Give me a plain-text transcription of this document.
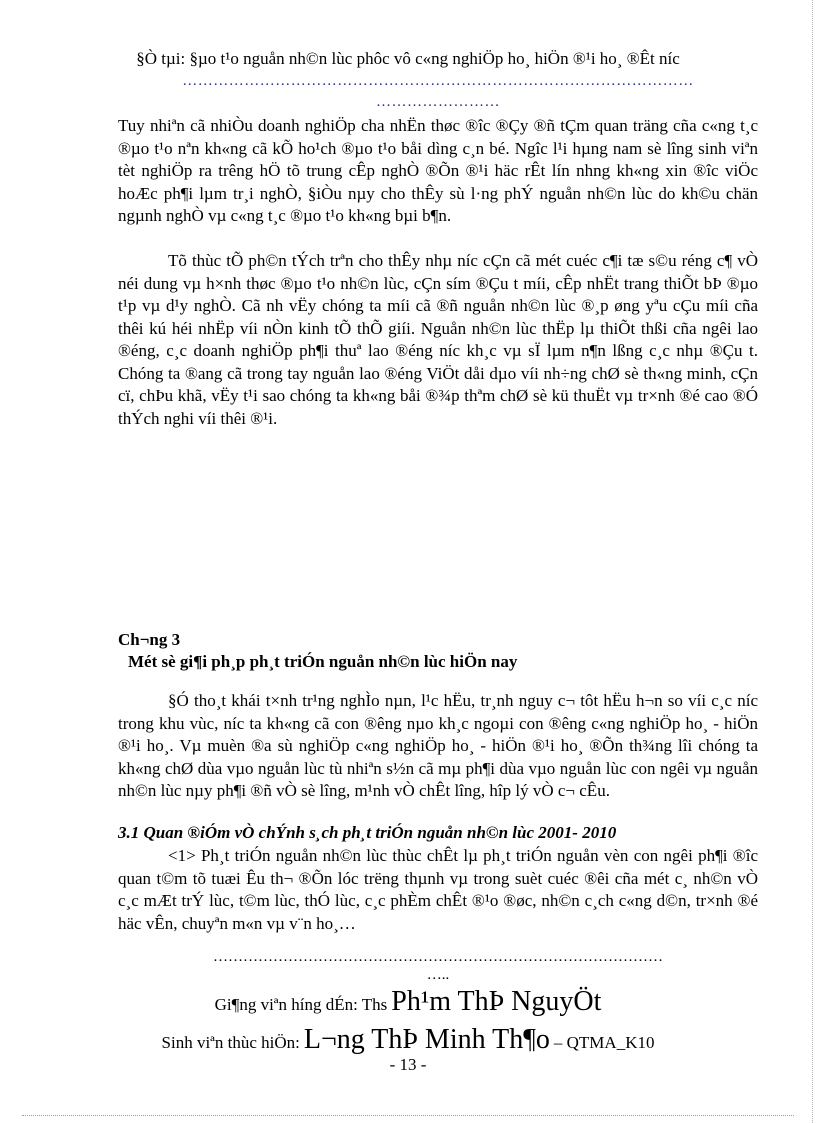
§Ò tµi: §µo t¹o nguån nh©n lùc phôc vô c«ng nghiÖp ho¸ hiÖn ®¹i ho¸ ®Êt níc
………………………………………………………………………………………
……………………
Tuy nhiªn cã nhiÒu doanh nghiÖp cha nhËn thøc ®îc ®Çy ®ñ tÇm quan träng cña c«ng t¸c ®µo t¹o nªn kh«ng cã kÕ ho¹ch ®µo t¹o båi dìng c¸n bé. Ngîc l¹i hµng nam sè lîng sinh viªn tèt nghiÖp ra trêng hÖ tõ trung cÊp nghÒ ®Õn ®¹i häc rÊt lín nhng kh«ng xin ®îc viÖc hoÆc ph¶i lµm tr¸i nghÒ, §iÒu nµy cho thÊy sù l·ng phÝ nguån nh©n lùc do kh©u chän ngµnh nghÒ vµ c«ng t¸c ®µo t¹o kh«ng bµi b¶n.
Tõ thùc tÕ ph©n tÝch trªn cho thÊy nhµ níc cÇn cã mét cuéc c¶i tæ s©u réng c¶ vÒ néi dung vµ h×nh thøc ®µo t¹o nh©n lùc, cÇn sím ®Çu t míi, cÊp nhËt trang thiÕt bÞ ®µo t¹p vµ d¹y nghÒ. Cã nh vËy chóng ta míi cã ®ñ nguån nh©n lùc ®¸p øng yªu cÇu míi cña thêi kú héi nhËp víi nÒn kinh tÕ thÕ giíi. Nguån nh©n lùc thËp lµ thiÕt thßi cña ngêi lao ®éng, c¸c doanh nghiÖp ph¶i thuª lao ®éng níc kh¸c vµ sÏ lµm n¶n lßng c¸c nhµ ®Çu t. Chóng ta ®ang cã trong tay nguån lao ®éng ViÖt dåi dµo víi nh÷ng chØ sè th«ng minh, cÇn cï, chÞu khã, vËy t¹i sao chóng ta kh«ng båi ®¾p thªm chØ sè kü thuËt vµ tr×nh ®é cao ®Ó thÝch nghi víi thêi ®¹i.
Ch¬ng 3
Mét sè gi¶i ph¸p ph¸t triÓn nguån nh©n lùc hiÖn nay
§Ó tho¸t khái t×nh tr¹ng nghÌo nµn, l¹c hËu, tr¸nh nguy c¬ tôt hËu h¬n so víi c¸c níc trong khu vùc, níc ta kh«ng cã con ®êng nµo kh¸c ngoµi con ®êng c«ng nghiÖp ho¸ - hiÖn ®¹i ho¸. Vµ muèn ®a sù nghiÖp c«ng nghiÖp ho¸ - hiÖn ®¹i ho¸ ®Õn th¾ng lîi chóng ta kh«ng chØ dùa vµo nguån lùc tù nhiªn s½n cã mµ ph¶i dùa vµo nguån lùc con ngêi vµ nguån nh©n lùc nµy ph¶i ®ñ vÒ sè lîng, m¹nh vÒ chÊt lîng, hîp lý vÒ c¬ cÊu.
3.1 Quan ®iÓm vÒ chÝnh s¸ch ph¸t triÓn nguån nh©n lùc 2001- 2010
<1> Ph¸t triÓn nguån nh©n lùc thùc chÊt lµ ph¸t triÓn nguån vèn con ngêi ph¶i ®îc quan t©m tõ tuæi Êu th¬ ®Õn lóc trëng thµnh vµ trong suèt cuéc ®êi cña mét c¸ nh©n vÒ c¸c mÆt trÝ lùc, t©m lùc, thÓ lùc, c¸c phÈm chÊt ®¹o ®øc, nh©n c¸ch c«ng d©n, tr×nh ®é häc vÊn, chuyªn m«n vµ v¨n ho¸…
………………………………………………………………………………
…..
Gi¶ng viªn híng dÉn: Ths Ph¹m ThÞ NguyÖt
Sinh viªn thùc hiÖn: L¬ng ThÞ Minh Th¶o – QTMA_K10
- 13 -
